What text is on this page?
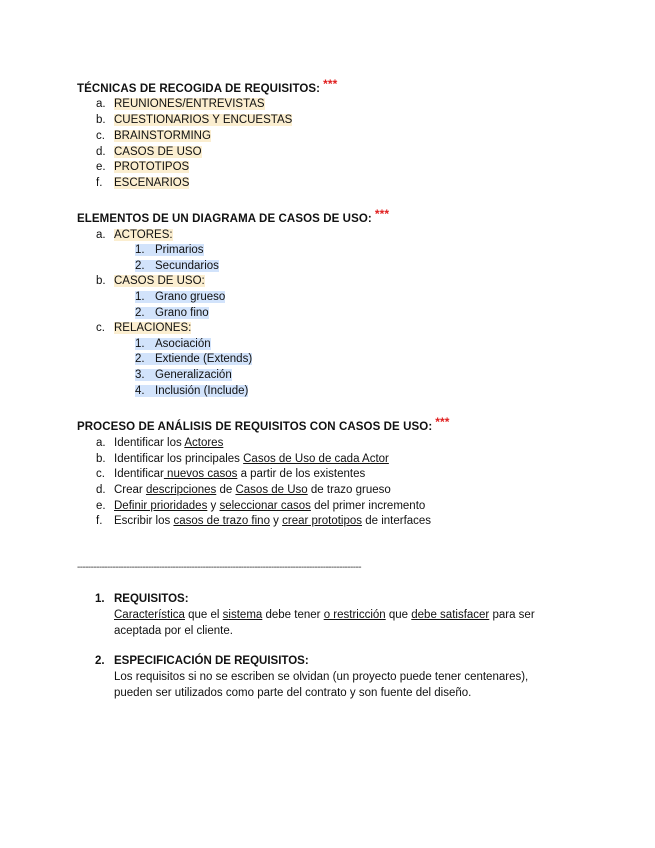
TÉCNICAS DE RECOGIDA DE REQUISITOS: ***
a. REUNIONES/ENTREVISTAS
b. CUESTIONARIOS Y ENCUESTAS
c. BRAINSTORMING
d. CASOS DE USO
e. PROTOTIPOS
f. ESCENARIOS
ELEMENTOS DE UN DIAGRAMA DE CASOS DE USO: ***
a. ACTORES:
1. Primarios
2. Secundarios
b. CASOS DE USO:
1. Grano grueso
2. Grano fino
c. RELACIONES:
1. Asociación
2. Extiende (Extends)
3. Generalización
4. Inclusión (Include)
PROCESO DE ANÁLISIS DE REQUISITOS CON CASOS DE USO: ***
a. Identificar los Actores
b. Identificar los principales Casos de Uso de cada Actor
c. Identificar nuevos casos a partir de los existentes
d. Crear descripciones de Casos de Uso de trazo grueso
e. Definir prioridades y seleccionar casos del primer incremento
f. Escribir los casos de trazo fino y crear prototipos de interfaces
--------------------------------------------------------------------------------------------------------
1. REQUISITOS:
Característica que el sistema debe tener o restricción que debe satisfacer para ser aceptada por el cliente.
2. ESPECIFICACIÓN DE REQUISITOS:
Los requisitos si no se escriben se olvidan (un proyecto puede tener centenares), pueden ser utilizados como parte del contrato y son fuente del diseño.
